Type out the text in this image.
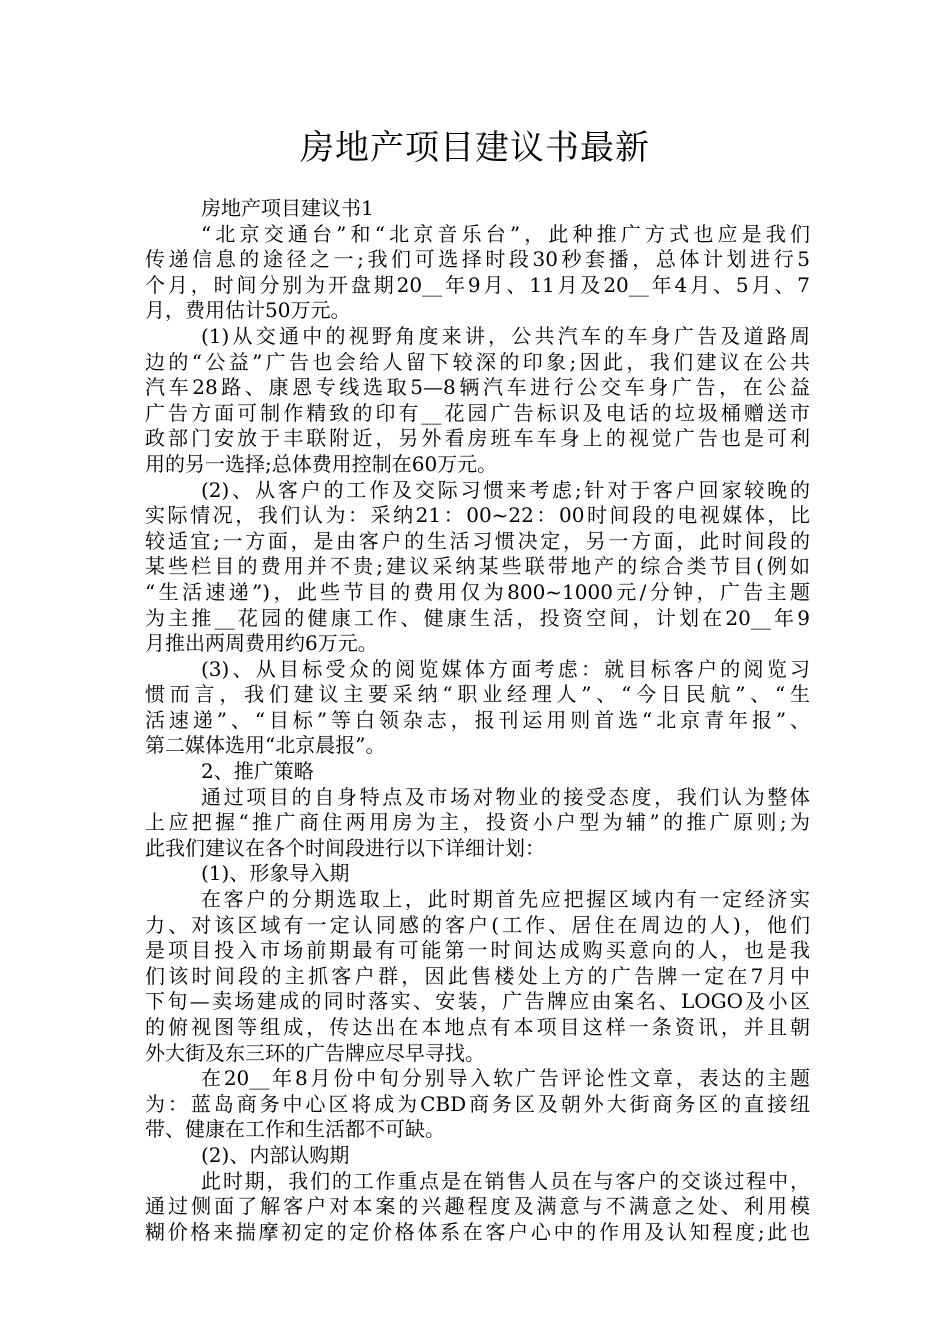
房地产项目建议书最新
房地产项目建议书1
“北京交通台”和“北京音乐台”，此种推广方式也应是我们
传递信息的途径之一;我们可选择时段30秒套播，总体计划进行5
个月，时间分别为开盘期20__年9月、11月及20__年4月、5月、7
月，费用估计50万元。
(1)从交通中的视野角度来讲，公共汽车的车身广告及道路周
边的“公益”广告也会给人留下较深的印象;因此，我们建议在公共
汽车28路、康恩专线选取5—8辆汽车进行公交车身广告，在公益
广告方面可制作精致的印有__花园广告标识及电话的垃圾桶赠送市
政部门安放于丰联附近，另外看房班车车身上的视觉广告也是可利
用的另一选择;总体费用控制在60万元。
(2)、从客户的工作及交际习惯来考虑;针对于客户回家较晚的
实际情况，我们认为：采纳21：00~22：00时间段的电视媒体，比
较适宜;一方面，是由客户的生活习惯决定，另一方面，此时间段的
某些栏目的费用并不贵;建议采纳某些联带地产的综合类节目(例如
“生活速递”)，此些节目的费用仅为800~1000元/分钟，广告主题
为主推__花园的健康工作、健康生活，投资空间，计划在20__年9
月推出两周费用约6万元。
(3)、从目标受众的阅览媒体方面考虑：就目标客户的阅览习
惯而言，我们建议主要采纳“职业经理人”、“今日民航”、“生
活速递”、“目标”等白领杂志，报刊运用则首选“北京青年报”、
第二媒体选用“北京晨报”。
2、推广策略
通过项目的自身特点及市场对物业的接受态度，我们认为整体
上应把握“推广商住两用房为主，投资小户型为辅”的推广原则;为
此我们建议在各个时间段进行以下详细计划：
(1)、形象导入期
在客户的分期选取上，此时期首先应把握区域内有一定经济实
力、对该区域有一定认同感的客户(工作、居住在周边的人)，他们
是项目投入市场前期最有可能第一时间达成购买意向的人，也是我
们该时间段的主抓客户群，因此售楼处上方的广告牌一定在7月中
下旬—卖场建成的同时落实、安装，广告牌应由案名、LOGO及小区
的俯视图等组成，传达出在本地点有本项目这样一条资讯，并且朝
外大街及东三环的广告牌应尽早寻找。
在20__年8月份中旬分别导入软广告评论性文章，表达的主题
为：蓝岛商务中心区将成为CBD商务区及朝外大街商务区的直接纽
带、健康在工作和生活都不可缺。
(2)、内部认购期
此时期，我们的工作重点是在销售人员在与客户的交谈过程中，
通过侧面了解客户对本案的兴趣程度及满意与不满意之处、利用模
糊价格来揣摩初定的定价格体系在客户心中的作用及认知程度;此也
